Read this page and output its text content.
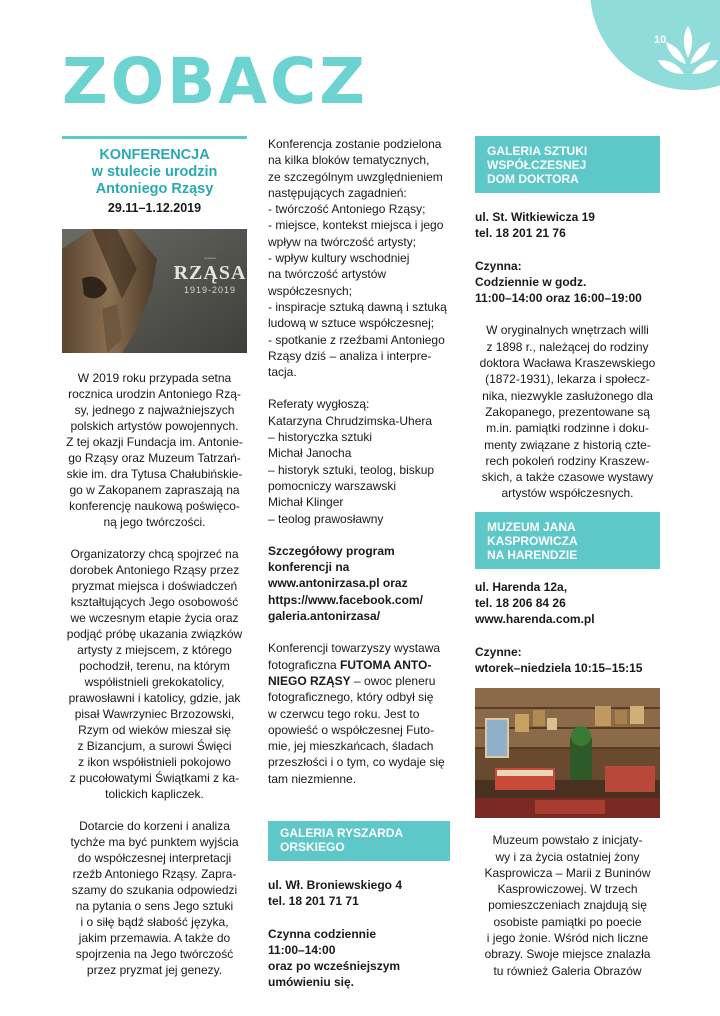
10
ZOBACZ
KONFERENCJA
w stulecie urodzin
Antoniego Rząsy
29.11–1.12.2019
RZĄSA
1919-2019
wystawa

W 2019 roku przypada setna

rocznica urodzin Antoniego Rzą-

sy, jednego z najważniejszych

polskich artystów powojennych.

Z tej okazji Fundacja im. Antonie-

go Rząsy oraz Muzeum Tatrzań-

skie im. dra Tytusa Chałubińskie-

go w Zakopanem zapraszają na

konferencję naukową poświęco-

ną jego twórczości.

Organizatorzy chcą spojrzeć na

dorobek Antoniego Rząsy przez

pryzmat miejsca i doświadczeń

kształtujących Jego osobowość

we wczesnym etapie życia oraz

podjąć próbę ukazania związków

artysty z miejscem, z którego

pochodził, terenu, na którym

współistnieli grekokatolicy,

prawosławni i katolicy, gdzie, jak

pisał Wawrzyniec Brzozowski,

Rzym od wieków mieszał się

z Bizancjum, a surowi Święci

z ikon współistnieli pokojowo

z pucołowatymi Świątkami z ka-

tolickich kapliczek.

Dotarcie do korzeni i analiza

tychże ma być punktem wyjścia

do współczesnej interpretacji

rzeźb Antoniego Rząsy. Zapra-

szamy do szukania odpowiedzi

na pytania o sens Jego sztuki

i o siłę bądź słabość języka,

jakim przemawia. A także do

spojrzenia na Jego twórczość

przez pryzmat jej genezy.

Konferencja zostanie podzielona

na kilka bloków tematycznych,

ze szczególnym uwzględnieniem

następujących zagadnień:

- twórczość Antoniego Rząsy;

- miejsce, kontekst miejsca i jego

wpływ na twórczość artysty;

- wpływ kultury wschodniej

na twórczość artystów

współczesnych;

- inspiracje sztuką dawną i sztuką

ludową w sztuce współczesnej;

- spotkanie z rzeźbami Antoniego

Rząsy dziś – analiza i interpre-

tacja.

Referaty wygłoszą:

Katarzyna Chrudzimska-Uhera

– historyczka sztuki

Michał Janocha

– historyk sztuki, teolog, biskup

pomocniczy warszawski

Michał Klinger

– teolog prawosławny

Szczegółowy program

konferencji na

www.antonirzasa.pl oraz

https://www.facebook.com/

galeria.antonirzasa/

Konferencji towarzyszy wystawa

fotograficzna FUTOMA ANTO-

NIEGO RZĄSY – owoc pleneru

fotograficznego, który odbył się

w czerwcu tego roku. Jest to

opowieść o współczesnej Futo-

mie, jej mieszkańcach, śladach

przeszłości i o tym, co wydaje się

tam niezmienne.

GALERIA RYSZARDA
ORSKIEGO

ul. Wł. Broniewskiego 4

tel. 18 201 71 71

Czynna codziennie

11:00–14:00

oraz po wcześniejszym

umówieniu się.

GALERIA SZTUKI
WSPÓŁCZESNEJ
DOM DOKTORA

ul. St. Witkiewicza 19

tel. 18 201 21 76

Czynna:

Codziennie w godz.

11:00–14:00 oraz 16:00–19:00

W oryginalnych wnętrzach willi

z 1898 r., należącej do rodziny

doktora Wacława Kraszewskiego

(1872-1931), lekarza i społecz-

nika, niezwykle zasłużonego dla

Zakopanego, prezentowane są

m.in. pamiątki rodzinne i doku-

menty związane z historią czte-

rech pokoleń rodziny Kraszew-

skich, a także czasowe wystawy

artystów współczesnych.

MUZEUM JANA
KASPROWICZA
NA HARENDZIE

ul. Harenda 12a,

tel. 18 206 84 26

www.harenda.com.pl

Czynne:

wtorek–niedziela 10:15–15:15

Muzeum powstało z inicjaty-

wy i za życia ostatniej żony

Kasprowicza – Marii z Buninów

Kasprowiczowej. W trzech

pomieszczeniach znajdują się

osobiste pamiątki po poecie

i jego żonie. Wśród nich liczne

obrazy. Swoje miejsce znalazła

tu również Galeria Obrazów
